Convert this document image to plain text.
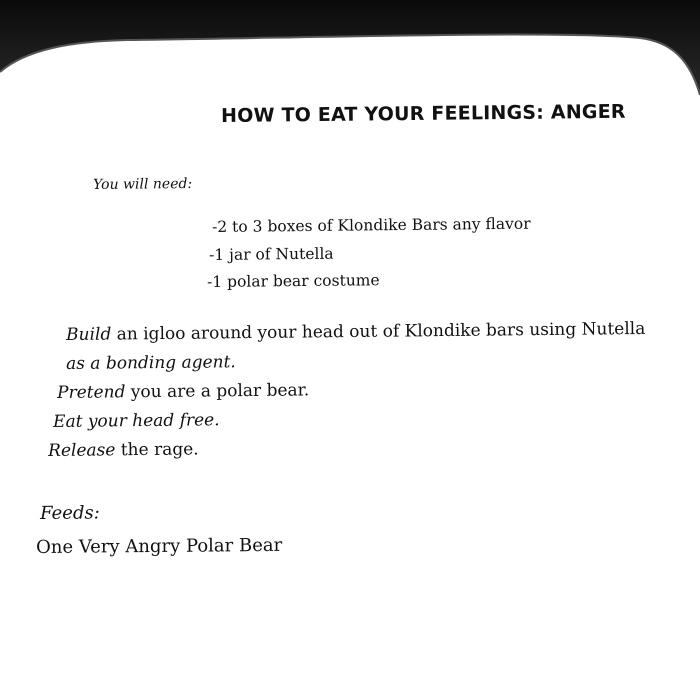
HOW TO EAT YOUR FEELINGS: ANGER
You will need:
-2 to 3 boxes of Klondike Bars any flavor
-1 jar of Nutella
-1 polar bear costume
Build an igloo around your head out of Klondike bars using Nutella
as a bonding agent.
Pretend you are a polar bear.
Eat your head free.
Release the rage.
Feeds:
One Very Angry Polar Bear
